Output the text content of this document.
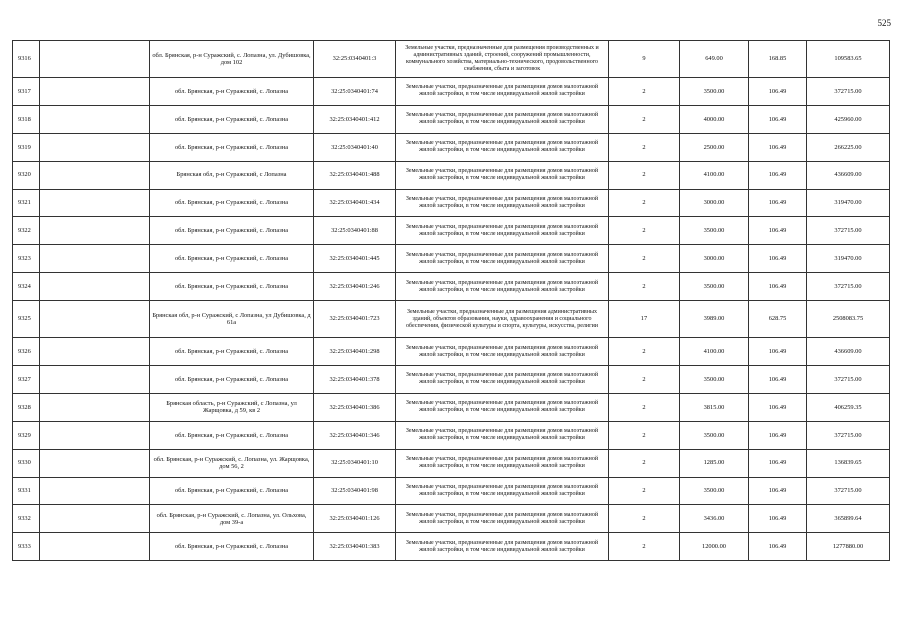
525
9316		обл. Брянская, р-н Суражский, с. Лопазна, ул. Дубишовка, дом 102	32:25:0340401:3	Земельные участки, предназначенные для размещения производственных и административных зданий, строений, сооружений промышленности, коммунального хозяйства, материально-технического, продовольственного снабжения, сбыта и заготовок	9	649.00	168.85	109583.65
9317		обл. Брянская, р-н Суражский, с. Лопазна	32:25:0340401:74	Земельные участки, предназначенные для размещения домов малоэтажной жилой застройки, в том числе индивидуальной жилой застройки	2	3500.00	106.49	372715.00
9318		обл. Брянская, р-н Суражский, с. Лопазна	32:25:0340401:412	Земельные участки, предназначенные для размещения домов малоэтажной жилой застройки, в том числе индивидуальной жилой застройки	2	4000.00	106.49	425960.00
9319		обл. Брянская, р-н Суражский, с. Лопазна	32:25:0340401:40	Земельные участки, предназначенные для размещения домов малоэтажной жилой застройки, в том числе индивидуальной жилой застройки	2	2500.00	106.49	266225.00
9320		Брянская обл, р-н Суражский, с Лопазна	32:25:0340401:488	Земельные участки, предназначенные для размещения домов малоэтажной жилой застройки, в том числе индивидуальной жилой застройки	2	4100.00	106.49	436609.00
9321		обл. Брянская, р-н Суражский, с. Лопазна	32:25:0340401:434	Земельные участки, предназначенные для размещения домов малоэтажной жилой застройки, в том числе индивидуальной жилой застройки	2	3000.00	106.49	319470.00
9322		обл. Брянская, р-н Суражский, с. Лопазна	32:25:0340401:88	Земельные участки, предназначенные для размещения домов малоэтажной жилой застройки, в том числе индивидуальной жилой застройки	2	3500.00	106.49	372715.00
9323		обл. Брянская, р-н Суражский, с. Лопазна	32:25:0340401:445	Земельные участки, предназначенные для размещения домов малоэтажной жилой застройки, в том числе индивидуальной жилой застройки	2	3000.00	106.49	319470.00
9324		обл. Брянская, р-н Суражский, с. Лопазна	32:25:0340401:246	Земельные участки, предназначенные для размещения домов малоэтажной жилой застройки, в том числе индивидуальной жилой застройки	2	3500.00	106.49	372715.00
9325		Брянская обл, р-н Суражский, с Лопазна, ул Дубишовка, д 61а	32:25:0340401:723	Земельные участки, предназначенные для размещения административных зданий, объектов образования, науки, здравоохранения и социального обеспечения, физической культуры и спорта, культуры, искусства, религии	17	3989.00	628.75	2508083.75
9326		обл. Брянская, р-н Суражский, с. Лопазна	32:25:0340401:298	Земельные участки, предназначенные для размещения домов малоэтажной жилой застройки, в том числе индивидуальной жилой застройки	2	4100.00	106.49	436609.00
9327		обл. Брянская, р-н Суражский, с. Лопазна	32:25:0340401:378	Земельные участки, предназначенные для размещения домов малоэтажной жилой застройки, в том числе индивидуальной жилой застройки	2	3500.00	106.49	372715.00
9328		Брянская область, р-н Суражский, с Лопазна, ул Жарщовка, д 59, кв 2	32:25:0340401:386	Земельные участки, предназначенные для размещения домов малоэтажной жилой застройки, в том числе индивидуальной жилой застройки	2	3815.00	106.49	406259.35
9329		обл. Брянская, р-н Суражский, с. Лопазна	32:25:0340401:346	Земельные участки, предназначенные для размещения домов малоэтажной жилой застройки, в том числе индивидуальной жилой застройки	2	3500.00	106.49	372715.00
9330		обл. Брянская, р-н Суражский, с. Лопазна, ул. Жарщовка, дом 56, 2	32:25:0340401:10	Земельные участки, предназначенные для размещения домов малоэтажной жилой застройки, в том числе индивидуальной жилой застройки	2	1285.00	106.49	136839.65
9331		обл. Брянская, р-н Суражский, с. Лопазна	32:25:0340401:98	Земельные участки, предназначенные для размещения домов малоэтажной жилой застройки, в том числе индивидуальной жилой застройки	2	3500.00	106.49	372715.00
9332		обл. Брянская, р-н Суражский, с. Лопазна, ул. Ольхова, дом 39-а	32:25:0340401:126	Земельные участки, предназначенные для размещения домов малоэтажной жилой застройки, в том числе индивидуальной жилой застройки	2	3436.00	106.49	365899.64
9333		обл. Брянская, р-н Суражский, с. Лопазна	32:25:0340401:383	Земельные участки, предназначенные для размещения домов малоэтажной жилой застройки, в том числе индивидуальной жилой застройки	2	12000.00	106.49	1277880.00
